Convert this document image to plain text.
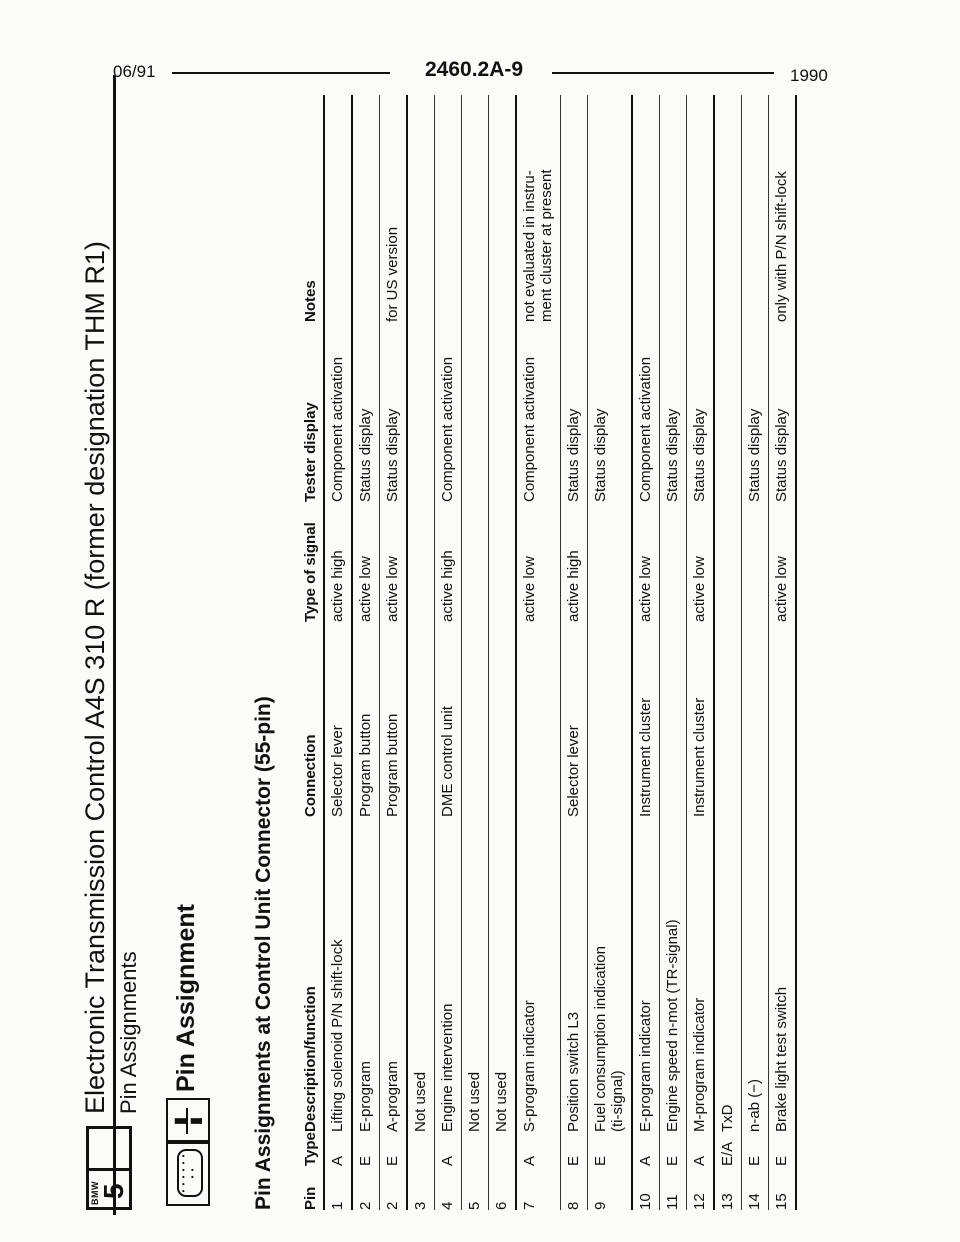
06/91	2460.2A-9	1990
BMW
5
Electronic Transmission Control A4S 310 R (former designation THM R1) Pin Assignments
• • • • • • • •
▮ ▮
Pin Assignment Pin Assignments at Control Unit Connector (55-pin) Pin	Type	Description/function	Connection	Type of signal	Tester display	Notes
1	A	Lifting solenoid P/N shift-lock	Selector lever	active high	Component activation	
2	E	E-program	Program button	active low	Status display	
2	E	A-program	Program button	active low	Status display	for US version
3		Not used				
4	A	Engine intervention	DME control unit	active high	Component activation	
5		Not used				
6		Not used				
7	A	S-program indicator		active low	Component activation	not evaluated in instru-
ment cluster at present
8	E	Position switch L3	Selector lever	active high	Status display	
9	E	Fuel consumption indication
(ti-signal)			Status display	
10	A	E-program indicator	Instrument cluster	active low	Component activation	
11	E	Engine speed n-mot (TR-signal)			Status display	
12	A	M-program indicator	Instrument cluster	active low	Status display	
13	E/A	TxD				
14	E	n-ab (−)			Status display	
15	E	Brake light test switch		active low	Status display	only with P/N shift-lock
